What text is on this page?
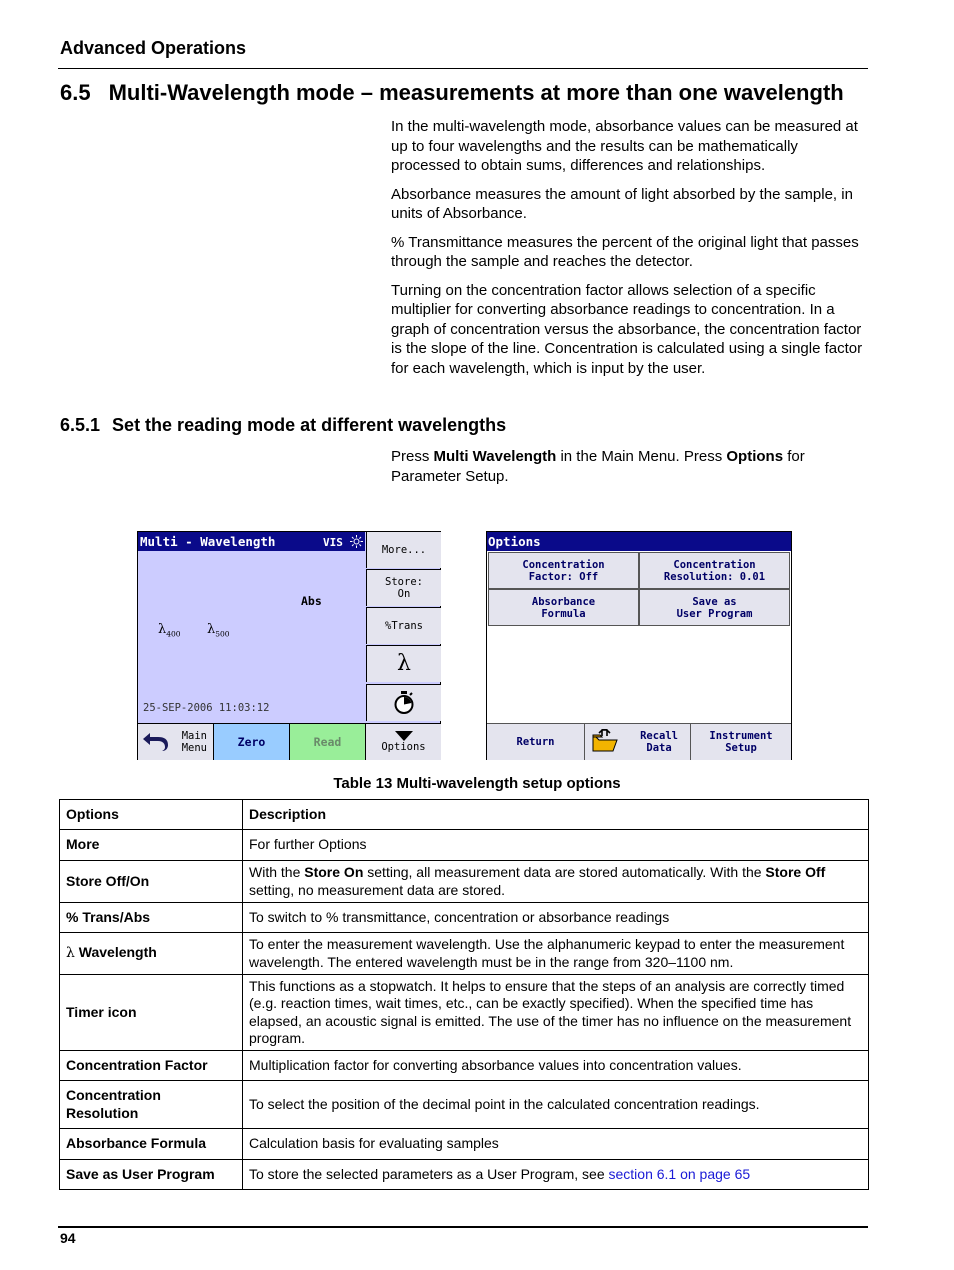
Advanced Operations
6.5 Multi-Wavelength mode – measurements at more than one wavelength

In the multi-wavelength mode, absorbance values can be measured at up to four wavelengths and the results can be mathematically processed to obtain sums, differences and relationships.

Absorbance measures the amount of light absorbed by the sample, in units of Absorbance.

% Transmittance measures the percent of the original light that passes through the sample and reaches the detector.

Turning on the concentration factor allows selection of a specific multiplier for converting absorbance readings to concentration. In a graph of concentration versus the absorbance, the concentration factor is the slope of the line. Concentration is calculated using a single factor for each wavelength, which is input by the user.

6.5.1 Set the reading mode at different wavelengths
Press Multi Wavelength in the Main Menu. Press Options for Parameter Setup.
Multi - Wavelength	VIS
Abs
$\lambda_{400}$ $\lambda_{500}$
25-SEP-2006 11:03:12
More...
Store:
On
%Trans
λ
Main
Menu	Zero	Read	Options
Options
Concentration
Factor: Off
Concentration
Resolution: 0.01
Absorbance
Formula
Save as
User Program
Return	Recall
Data
Instrument
Setup
Table 13 Multi-wavelength setup options
Options	Description
More	For further Options
Store Off/On	With the Store On setting, all measurement data are stored automatically. With the Store Off setting, no measurement data are stored.
% Trans/Abs	To switch to % transmittance, concentration or absorbance readings
λ Wavelength	To enter the measurement wavelength. Use the alphanumeric keypad to enter the measurement wavelength. The entered wavelength must be in the range from 320–1100 nm.
Timer icon	This functions as a stopwatch. It helps to ensure that the steps of an analysis are correctly timed (e.g. reaction times, wait times, etc., can be exactly specified). When the specified time has elapsed, an acoustic signal is emitted. The use of the timer has no influence on the measurement program.
Concentration Factor	Multiplication factor for converting absorbance values into concentration values.
Concentration Resolution	To select the position of the decimal point in the calculated concentration readings.
Absorbance Formula	Calculation basis for evaluating samples
Save as User Program	To store the selected parameters as a User Program, see section 6.1 on page 65
94
